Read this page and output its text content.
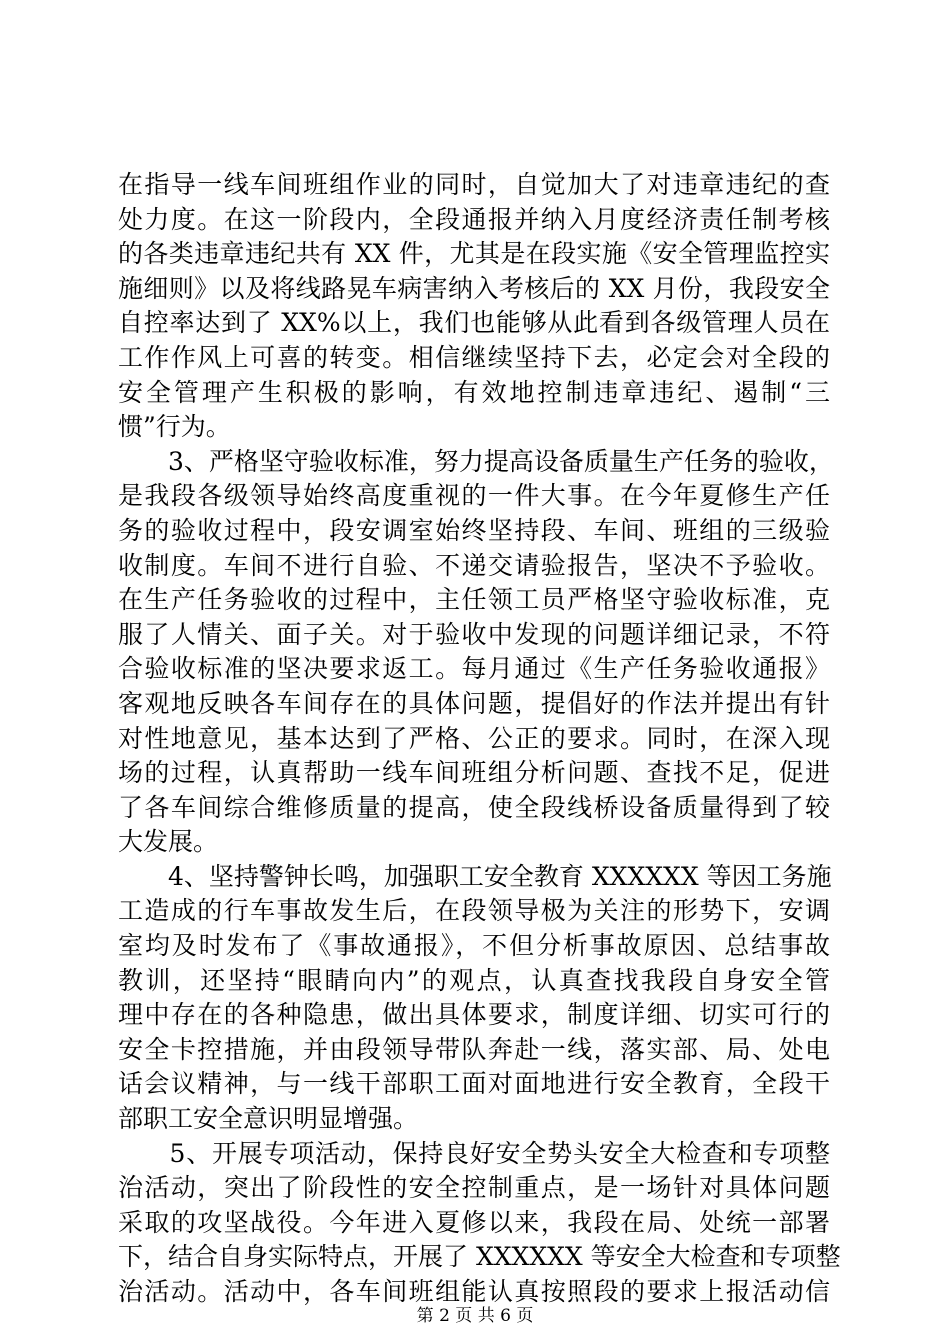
在指导一线车间班组作业的同时，自觉加大了对违章违纪的查
处力度。在这一阶段内，全段通报并纳入月度经济责任制考核
的各类违章违纪共有 XX 件，尤其是在段实施《安全管理监控实
施细则》以及将线路晃车病害纳入考核后的 XX 月份，我段安全
自控率达到了 XX%以上，我们也能够从此看到各级管理人员在
工作作风上可喜的转变。相信继续坚持下去，必定会对全段的
安全管理产生积极的影响，有效地控制违章违纪、遏制“三
惯”行为。
　　3、严格坚守验收标准，努力提高设备质量生产任务的验收，
是我段各级领导始终高度重视的一件大事。在今年夏修生产任
务的验收过程中，段安调室始终坚持段、车间、班组的三级验
收制度。车间不进行自验、不递交请验报告，坚决不予验收。
在生产任务验收的过程中，主任领工员严格坚守验收标准，克
服了人情关、面子关。对于验收中发现的问题详细记录，不符
合验收标准的坚决要求返工。每月通过《生产任务验收通报》
客观地反映各车间存在的具体问题，提倡好的作法并提出有针
对性地意见，基本达到了严格、公正的要求。同时，在深入现
场的过程，认真帮助一线车间班组分析问题、查找不足，促进
了各车间综合维修质量的提高，使全段线桥设备质量得到了较
大发展。
　　4、坚持警钟长鸣，加强职工安全教育 XXXXXX 等因工务施
工造成的行车事故发生后，在段领导极为关注的形势下，安调
室均及时发布了《事故通报》，不但分析事故原因、总结事故
教训，还坚持“眼睛向内”的观点，认真查找我段自身安全管
理中存在的各种隐患，做出具体要求，制度详细、切实可行的
安全卡控措施，并由段领导带队奔赴一线，落实部、局、处电
话会议精神，与一线干部职工面对面地进行安全教育，全段干
部职工安全意识明显增强。
　　5、开展专项活动，保持良好安全势头安全大检查和专项整
治活动，突出了阶段性的安全控制重点，是一场针对具体问题
采取的攻坚战役。今年进入夏修以来，我段在局、处统一部署
下，结合自身实际特点，开展了 XXXXXX 等安全大检查和专项整
治活动。活动中，各车间班组能认真按照段的要求上报活动信
第 2 页 共 6 页
